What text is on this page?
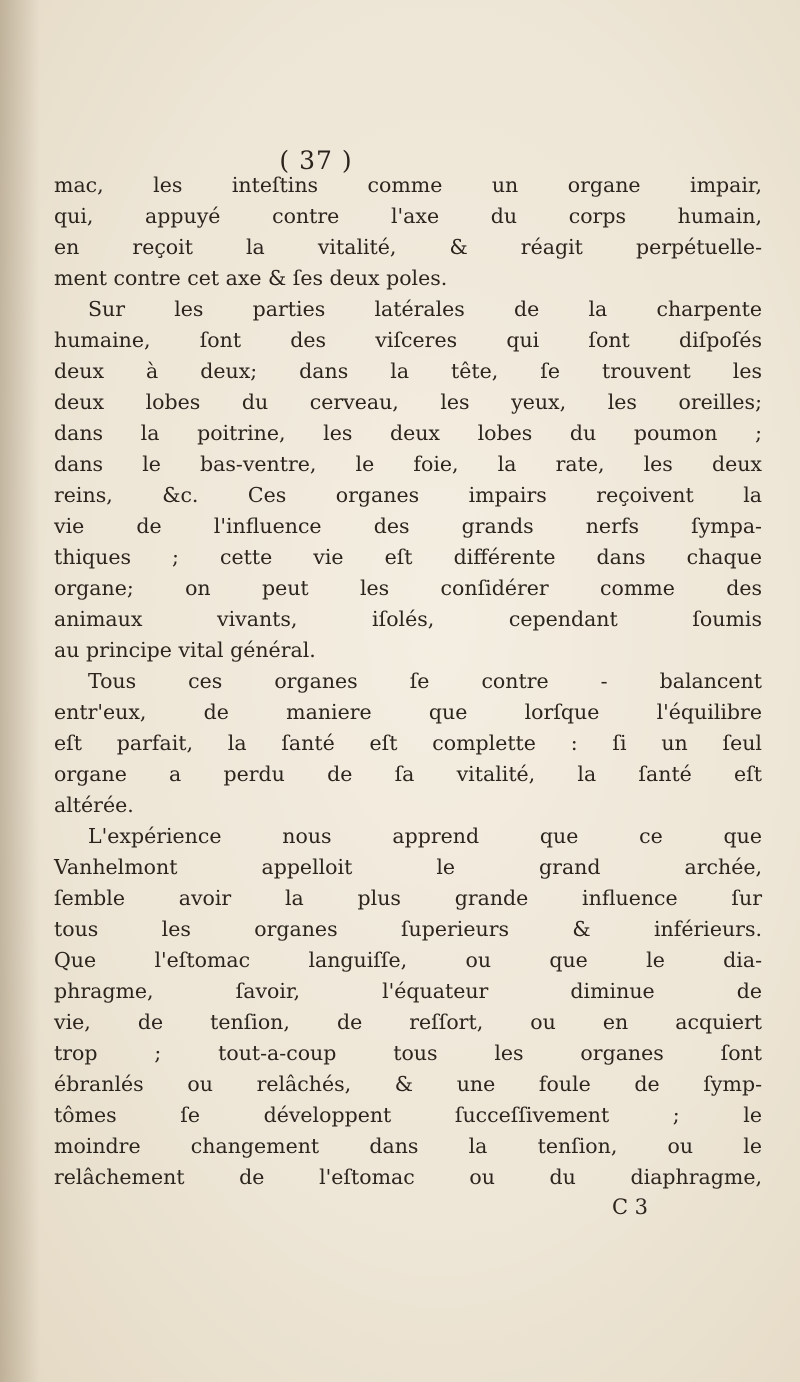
( 37 )
mac, les inteſtins comme un organe impair,
qui, appuyé contre l'axe du corps humain,
en reçoit la vitalité, & réagit perpétuelle-
ment contre cet axe & ſes deux poles.
Sur les parties latérales de la charpente
humaine, ſont des viſceres qui ſont diſpoſés
deux à deux; dans la tête, ſe trouvent les
deux lobes du cerveau, les yeux, les oreilles;
dans la poitrine, les deux lobes du poumon ;
dans le bas-ventre, le foie, la rate, les deux
reins, &c. Ces organes impairs reçoivent la
vie de l'influence des grands nerfs ſympa-
thiques ; cette vie eſt différente dans chaque
organe; on peut les conſidérer comme des
animaux vivants, iſolés, cependant ſoumis
au principe vital général.
Tous ces organes ſe contre - balancent
entr'eux, de maniere que lorſque l'équilibre
eſt parfait, la ſanté eſt complette : ſi un ſeul
organe a perdu de ſa vitalité, la ſanté eſt
altérée.
L'expérience nous apprend que ce que
Vanhelmont appelloit le grand archée,
ſemble avoir la plus grande influence ſur
tous les organes ſuperieurs & inférieurs.
Que l'eſtomac languiſſe, ou que le dia-
phragme, ſavoir, l'équateur diminue de
vie, de tenſion, de reſſort, ou en acquiert
trop ; tout-a-coup tous les organes ſont
ébranlés ou relâchés, & une foule de ſymp-
tômes ſe développent ſucceſſivement ; le
moindre changement dans la tenſion, ou le
relâchement de l'eſtomac ou du diaphragme,
C 3
